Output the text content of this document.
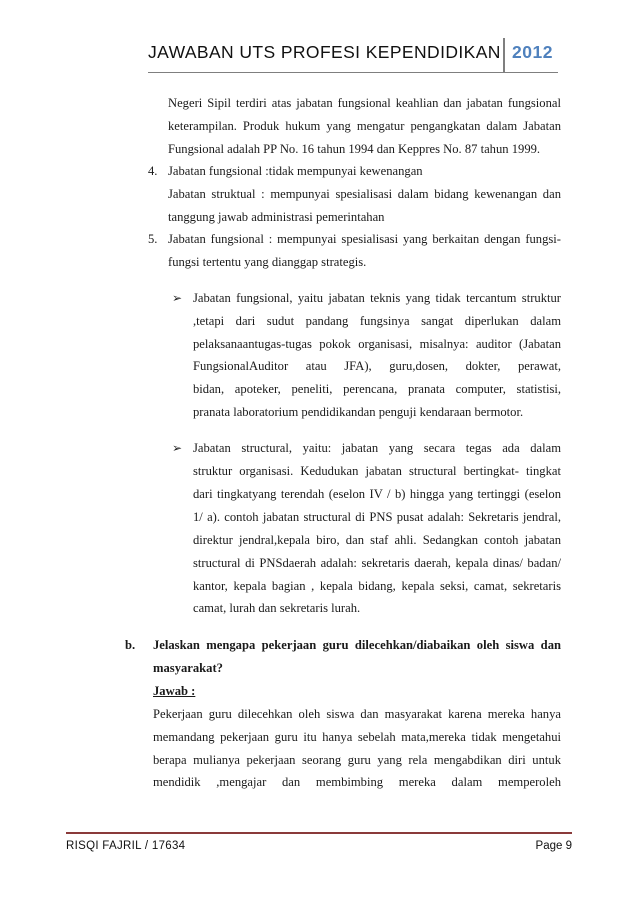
JAWABAN UTS PROFESI KEPENDIDIKAN 2012
Negeri Sipil terdiri atas jabatan fungsional keahlian dan jabatan fungsional
keterampilan. Produk hukum yang mengatur pengangkatan dalam Jabatan
Fungsional adalah PP No. 16 tahun 1994 dan Keppres No. 87 tahun 1999.
4. Jabatan fungsional :tidak mempunyai kewenangan
Jabatan struktual : mempunyai spesialisasi dalam bidang kewenangan dan
tanggung jawab administrasi pemerintahan
5. Jabatan fungsional : mempunyai spesialisasi yang berkaitan dengan fungsi-
fungsi tertentu yang dianggap strategis.
➢ Jabatan fungsional, yaitu jabatan teknis yang tidak tercantum struktur
,tetapi dari sudut pandang fungsinya sangat diperlukan dalam
pelaksanaantugas-tugas pokok organisasi, misalnya: auditor (Jabatan
FungsionalAuditor atau JFA), guru,dosen, dokter, perawat,
bidan, apoteker, peneliti, perencana, pranata computer, statistisi,
pranata laboratorium pendidikandan penguji kendaraan bermotor.
➢ Jabatan structural, yaitu: jabatan yang secara tegas ada dalam
struktur organisasi. Kedudukan jabatan structural bertingkat- tingkat
dari tingkatyang terendah (eselon IV / b) hingga yang tertinggi (eselon
1/ a). contoh jabatan structural di PNS pusat adalah: Sekretaris jendral,
direktur jendral,kepala biro, dan staf ahli. Sedangkan contoh jabatan
structural di PNSdaerah adalah: sekretaris daerah, kepala dinas/ badan/
kantor, kepala bagian , kepala bidang, kepala seksi, camat, sekretaris
camat, lurah dan sekretaris lurah.
b. Jelaskan mengapa pekerjaan guru dilecehkan/diabaikan oleh siswa dan
masyarakat?
Jawab :
Pekerjaan guru dilecehkan oleh siswa dan masyarakat karena mereka hanya
memandang pekerjaan guru itu hanya sebelah mata,mereka tidak mengetahui
berapa mulianya pekerjaan seorang guru yang rela mengabdikan diri untuk
mendidik ,mengajar dan membimbing mereka dalam memperoleh
RISQI FAJRIL / 17634	Page 9
